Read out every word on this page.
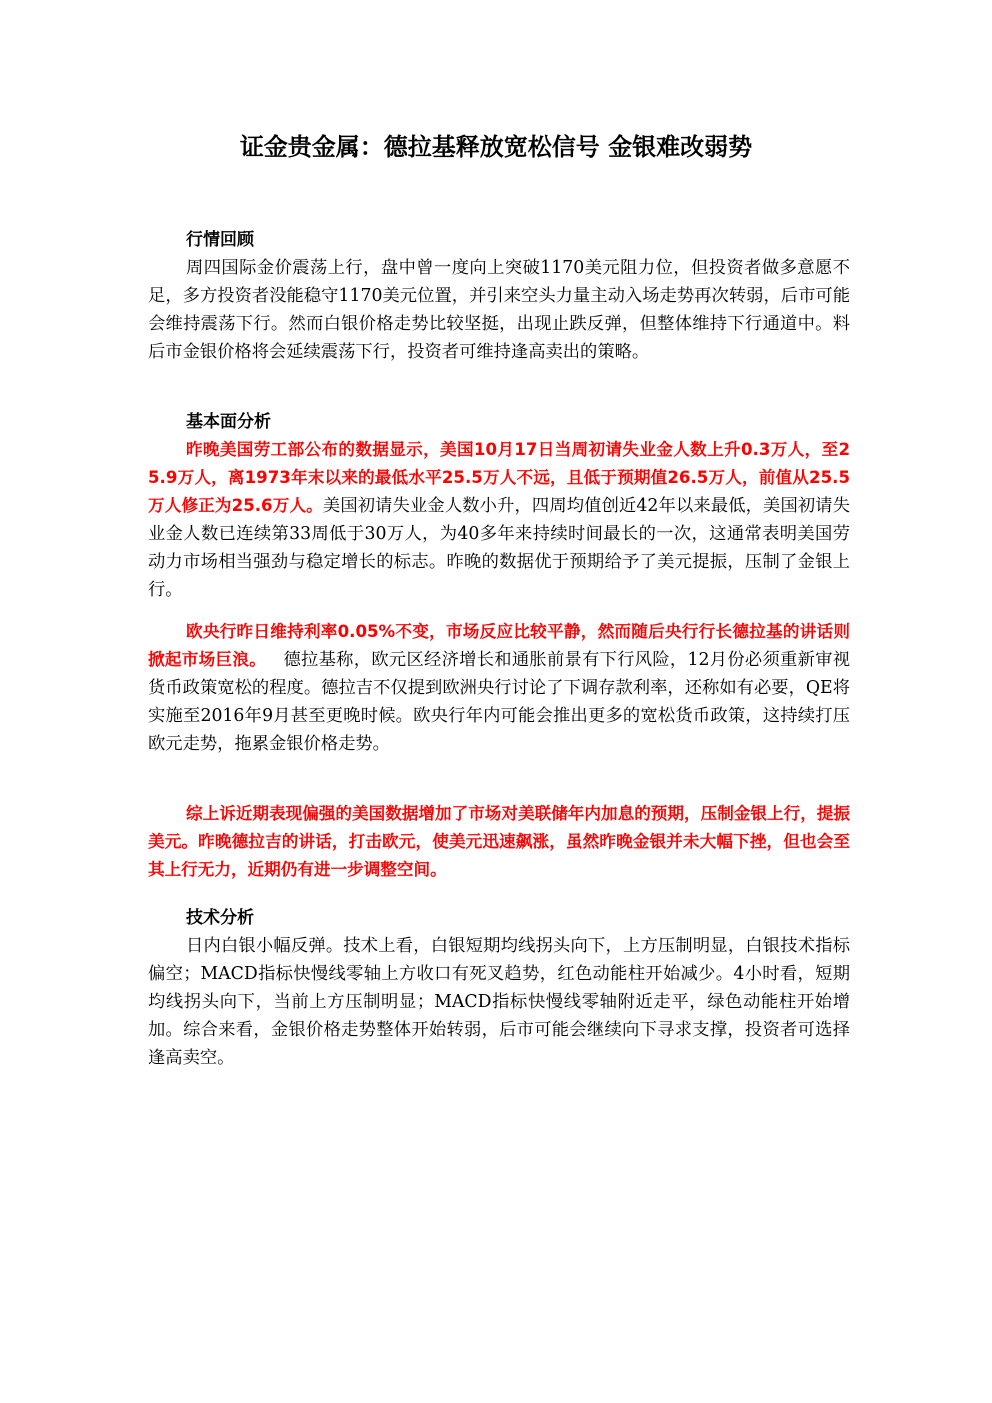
证金贵金属：德拉基释放宽松信号 金银难改弱势
行情回顾

周四国际金价震荡上行，盘中曾一度向上突破1170美元阻力位，但投资者做多意愿不足，多方投资者没能稳守1170美元位置，并引来空头力量主动入场走势再次转弱，后市可能会维持震荡下行。然而白银价格走势比较坚挺，出现止跌反弹，但整体维持下行通道中。料后市金银价格将会延续震荡下行，投资者可维持逢高卖出的策略。

基本面分析

昨晚美国劳工部公布的数据显示，美国10月17日当周初请失业金人数上升0.3万人，至25.9万人，离1973年末以来的最低水平25.5万人不远，且低于预期值26.5万人，前值从25.5万人修正为25.6万人。美国初请失业金人数小升，四周均值创近42年以来最低，美国初请失业金人数已连续第33周低于30万人，为40多年来持续时间最长的一次，这通常表明美国劳动力市场相当强劲与稳定增长的标志。昨晚的数据优于预期给予了美元提振，压制了金银上行。

欧央行昨日维持利率0.05%不变，市场反应比较平静，然而随后央行行长德拉基的讲话则掀起市场巨浪。   德拉基称，欧元区经济增长和通胀前景有下行风险，12月份必须重新审视货币政策宽松的程度。德拉吉不仅提到欧洲央行讨论了下调存款利率，还称如有必要，QE将实施至2016年9月甚至更晚时候。欧央行年内可能会推出更多的宽松货币政策，这持续打压欧元走势，拖累金银价格走势。

综上诉近期表现偏强的美国数据增加了市场对美联储年内加息的预期，压制金银上行，提振美元。昨晚德拉吉的讲话，打击欧元，使美元迅速飙涨，虽然昨晚金银并未大幅下挫，但也会至其上行无力，近期仍有进一步调整空间。

技术分析

日内白银小幅反弹。技术上看，白银短期均线拐头向下，上方压制明显，白银技术指标偏空；MACD指标快慢线零轴上方收口有死叉趋势，红色动能柱开始减少。4小时看，短期均线拐头向下，当前上方压制明显；MACD指标快慢线零轴附近走平，绿色动能柱开始增加。综合来看，金银价格走势整体开始转弱，后市可能会继续向下寻求支撑，投资者可选择逢高卖空。
